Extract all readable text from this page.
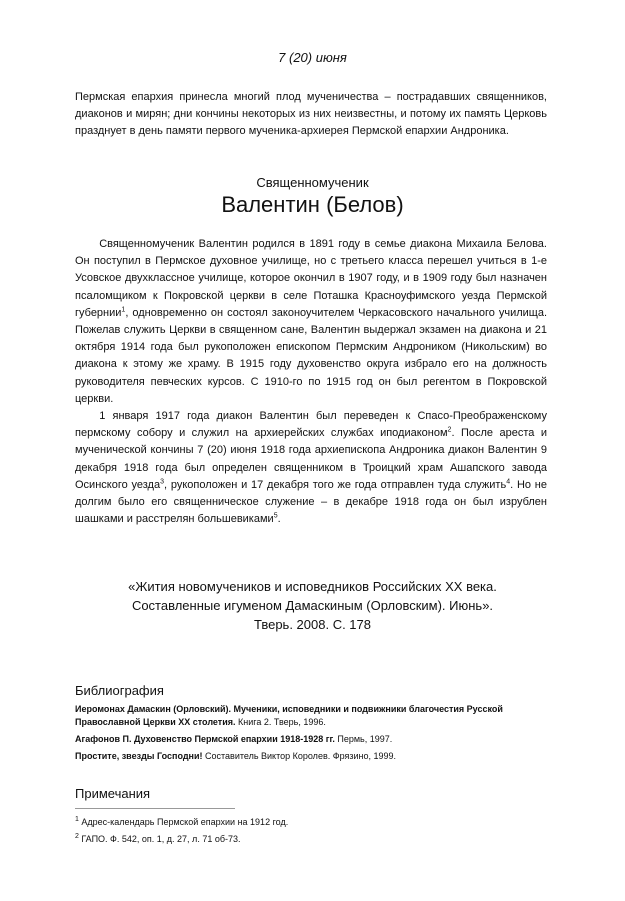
7 (20) июня
Пермская епархия принесла многий плод мученичества – пострадавших священников, диаконов и мирян; дни кончины некоторых из них неизвестны, и потому их память Церковь празднует в день памяти первого мученика-архиерея Пермской епархии Андроника.
Священномученик
Валентин (Белов)

Священномученик Валентин родился в 1891 году в семье диакона Михаила Белова. Он поступил в Пермское духовное училище, но с третьего класса перешел учиться в 1-е Усовское двухклассное училище, которое окончил в 1907 году, и в 1909 году был назначен псаломщиком к Покровской церкви в селе Поташка Красноуфимского уезда Пермской губернии$^1$, одновременно он состоял законоучителем Черкасовского начального училища. Пожелав служить Церкви в священном сане, Валентин выдержал экзамен на диакона и 21 октября 1914 года был рукоположен епископом Пермским Андроником (Никольским) во диакона к этому же храму. В 1915 году духовенство округа избрало его на должность руководителя певческих курсов. С 1910-го по 1915 год он был регентом в Покровской церкви.

1 января 1917 года диакон Валентин был переведен к Спасо-Преображенскому пермскому собору и служил на архиерейских службах иподиаконом$^2$. После ареста и мученической кончины 7 (20) июня 1918 года архиепископа Андроника диакон Валентин 9 декабря 1918 года был определен священником в Троицкий храм Ашапского завода Осинского уезда$^3$, рукоположен и 17 декабря того же года отправлен туда служить$^4$. Но не долгим было его священническое служение – в декабре 1918 года он был изрублен шашками и расстрелян большевиками$^5$.

«Жития новомучеников и исповедников Российских XX века.
Составленные игуменом Дамаскиным (Орловским). Июнь».
Тверь. 2008. С. 178
Библиография

Иеромонах Дамаскин (Орловский). Мученики, исповедники и подвижники благочестия Русской Православной Церкви XX столетия. Книга 2. Тверь, 1996.

Агафонов П. Духовенство Пермской епархии 1918-1928 гг. Пермь, 1997.

Простите, звезды Господни! Составитель Виктор Королев. Фрязино, 1999.

Примечания

$^1$ Адрес-календарь Пермской епархии на 1912 год.

$^2$ ГАПО. Ф. 542, оп. 1, д. 27, л. 71 об-73.
